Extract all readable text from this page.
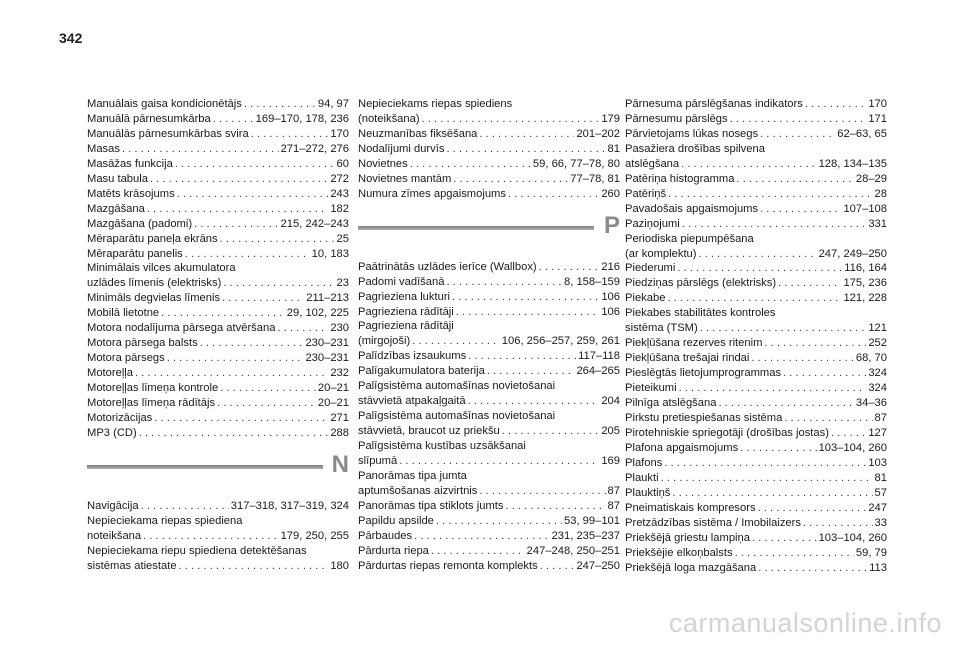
342
Manuālais gaisa kondicionētājs . . .	94, 97
Manuālā pārnesumkārba . . .	169–170, 178, 236
Manuālās pārnesumkārbas svira . . .	170
Masas . . .	271–272, 276
Masāžas funkcija . . .	60
Masu tabula . . .	272
Matēts krāsojums . . .	243
Mazgāšana . . .	182
Mazgāšana (padomi) . . .	215, 242–243
Mēraparātu paneļa ekrāns . . .	25
Mēraparātu panelis . . .	10, 183
Minimālais vilces akumulatora
uzlādes līmenis (elektrisks) . . .	23
Minimāls degvielas līmenis . . .	211–213
Mobilā lietotne . . .	29, 102, 225
Motora nodalījuma pārsega atvēršana . . .	230
Motora pārsega balsts . . .	230–231
Motora pārsegs . . .	230–231
Motoreļļa . . .	232
Motoreļļas līmeņa kontrole . . .	20–21
Motoreļļas līmeņa rādītājs . . .	20–21
Motorizācijas . . .	271
MP3 (CD) . . .	288
N
Navigācija . . .	317–318, 317–319, 324
Nepieciekama riepas spiediena
noteikšana . . .	179, 250, 255
Nepieciekama riepu spiediena detektēšanas
sistēmas atiestate . . .	180
Nepieciekams riepas spiediens
(noteikšana) . . .	179
Neuzmanības fiksēšana . . .	201–202
Nodalījumi durvīs . . .	81
Novietnes . . .	59, 66, 77–78, 80
Novietnes mantām . . .	77–78, 81
Numura zīmes apgaismojums . . .	260
P
Paātrinātās uzlādes ierīce (Wallbox) . . .	216
Padomi vadīšanā . . .	8, 158–159
Pagrieziena lukturi . . .	106
Pagrieziena rādītāji . . .	106
Pagrieziena rādītāji
(mirgojoši) . . .	106, 256–257, 259, 261
Palīdzības izsaukums . . .	117–118
Palīgakumulatora baterija . . .	264–265
Palīgsistēma automašīnas novietošanai
stāvvietā atpakaļgaitā . . .	204
Palīgsistēma automašīnas novietošanai
stāvvietā, braucot uz priekšu . . .	205
Palīgsistēma kustības uzsākšanai
slīpumā . . .	169
Panorāmas tipa jumta
aptumšošanas aizvirtnis . . .	87
Panorāmas tipa stiklots jumts . . .	87
Papildu apsilde . . .	53, 99–101
Pārbaudes . . .	231, 235–237
Pārdurta riepa . . .	247–248, 250–251
Pārdurtas riepas remonta komplekts . . .	247–250
Pārnesuma pārslēgšanas indikators . . .	170
Pārnesumu pārslēgs . . .	171
Pārvietojams lūkas nosegs . . .	62–63, 65
Pasažiera drošības spilvena
atslēgšana . . .	128, 134–135
Patēriņa histogramma . . .	28–29
Patēriņš . . .	28
Pavadošais apgaismojums . . .	107–108
Paziņojumi . . .	331
Periodiska piepumpēšana
(ar komplektu) . . .	247, 249–250
Piederumi . . .	116, 164
Piedziņas pārslēgs (elektrisks) . . .	175, 236
Piekabe . . .	121, 228
Piekabes stabilitātes kontroles
sistēma (TSM) . . .	121
Piekļūšana rezerves ritenim . . .	252
Piekļūšana trešajai rindai . . .	68, 70
Pieslēgtās lietojumprogrammas . . .	324
Pieteikumi . . .	324
Pilnīga atslēgšana . . .	34–36
Pirkstu pretiespiešanas sistēma . . .	87
Pirotehniskie spriegotāji (drošības jostas) . . .	127
Plafona apgaismojums . . .	103–104, 260
Plafons . . .	103
Plaukti . . .	81
Plauktiņš . . .	57
Pneimatiskais kompresors . . .	247
Pretzādzības sistēma / Imobilaizers . . .	33
Priekšējā griestu lampiņa . . .	103–104, 260
Priekšējie elkoņbalsts . . .	59, 79
Priekšējā loga mazgāšana . . .	113
carmanualsonline.info
